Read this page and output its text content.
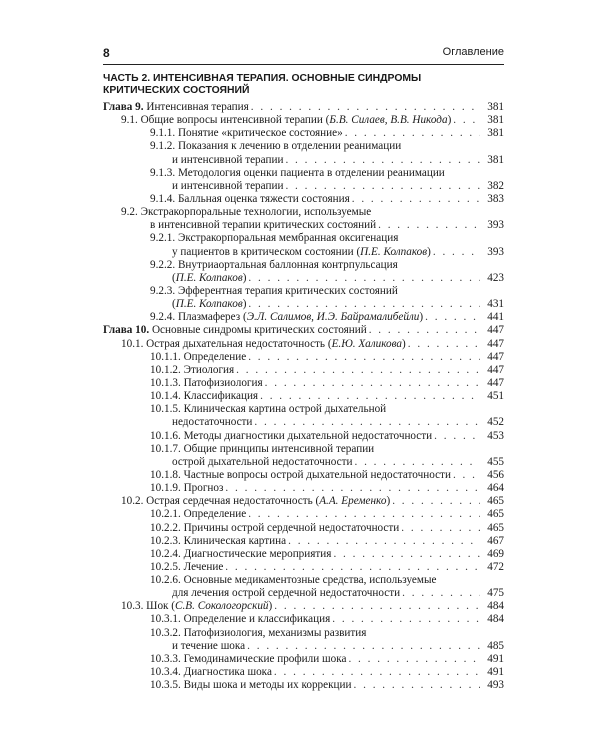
8	Оглавление
ЧАСТЬ 2. ИНТЕНСИВНАЯ ТЕРАПИЯ. ОСНОВНЫЕ СИНДРОМЫ КРИТИЧЕСКИХ СОСТОЯНИЙ
Глава 9.
Интенсивная терапия . . .	381
9.1.
Общие вопросы интенсивной терапии ( Б.В. Силаев, В.В. Никода ) . . .	381
9.1.1.
Понятие «критическое состояние» . . .	381
9.1.2. Показания к лечению в отделении реанимации
и интенсивной терапии . . .	381
9.1.3. Методология оценки пациента в отделении реанимации
и интенсивной терапии . . .	382
9.1.4.
Балльная оценка тяжести состояния . . .	383
9.2. Экстракорпоральные технологии, используемые
в интенсивной терапии критических состояний . . .	393
9.2.1. Экстракорпоральная мембранная оксигенация
у пациентов в критическом состоянии ( П.Е. Колпаков ) . . .	393
9.2.2. Внутриаортальная баллонная контрпульсация
( П.Е. Колпаков ) . . .	423
9.2.3. Эфферентная терапия критических состояний
( П.Е. Колпаков ) . . .	431
9.2.4.
Плазмаферез ( Э.Л. Салимов, И.Э. Байрамалибейли ) . . .	441
Глава 10.
Основные синдромы критических состояний . . .	447
10.1.
Острая дыхательная недостаточность ( Е.Ю. Халикова ) . . .	447
10.1.1.
Определение . . .	447
10.1.2.
Этиология . . .	447
10.1.3.
Патофизиология . . .	447
10.1.4.
Классификация . . .	451
10.1.5. Клиническая картина острой дыхательной
недостаточности . . .	452
10.1.6.
Методы диагностики дыхательной недостаточности . . .	453
10.1.7. Общие принципы интенсивной терапии
острой дыхательной недостаточности . . .	455
10.1.8.
Частные вопросы острой дыхательной недостаточности . . .	456
10.1.9.
Прогноз . . .	464
10.2.
Острая сердечная недостаточность ( А.А. Еременко ) . . .	465
10.2.1.
Определение . . .	465
10.2.2.
Причины острой сердечной недостаточности . . .	465
10.2.3.
Клиническая картина . . .	467
10.2.4.
Диагностические мероприятия . . .	469
10.2.5.
Лечение . . .	472
10.2.6. Основные медикаментозные средства, используемые
для лечения острой сердечной недостаточности . . .	475
10.3.
Шок ( С.В. Сокологорский ) . . .	484
10.3.1.
Определение и классификация . . .	484
10.3.2. Патофизиология, механизмы развития
и течение шока . . .	485
10.3.3.
Гемодинамические профили шока . . .	491
10.3.4.
Диагностика шока . . .	491
10.3.5.
Виды шока и методы их коррекции . . .	493
